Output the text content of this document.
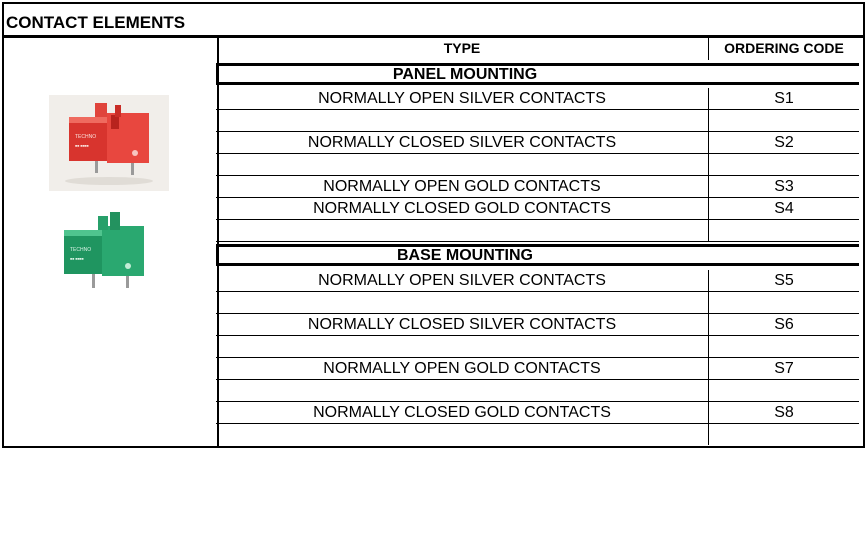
CONTACT ELEMENTS
TECHNO
■■ ■■■■
TECHNO
■■ ■■■■
TYPE	ORDERING CODE
PANEL MOUNTING
NORMALLY OPEN SILVER CONTACTS	S1
NORMALLY CLOSED SILVER CONTACTS	S2
NORMALLY OPEN GOLD CONTACTS	S3
NORMALLY CLOSED GOLD CONTACTS	S4
BASE MOUNTING
NORMALLY OPEN SILVER CONTACTS	S5
NORMALLY CLOSED SILVER CONTACTS	S6
NORMALLY OPEN GOLD CONTACTS	S7
NORMALLY CLOSED GOLD CONTACTS	S8
